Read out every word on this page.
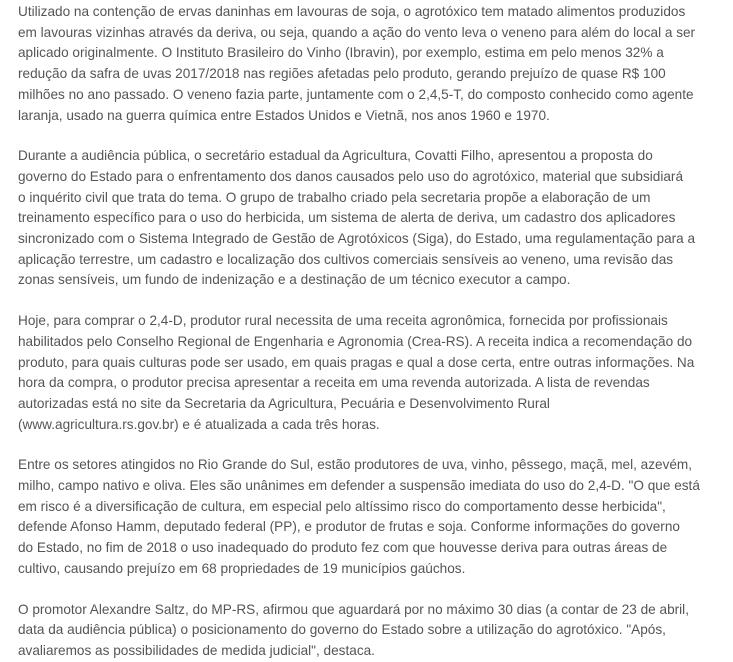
Utilizado na contenção de ervas daninhas em lavouras de soja, o agrotóxico tem matado alimentos produzidos
em lavouras vizinhas através da deriva, ou seja, quando a ação do vento leva o veneno para além do local a ser
aplicado originalmente. O Instituto Brasileiro do Vinho (Ibravin), por exemplo, estima em pelo menos 32% a
redução da safra de uvas 2017/2018 nas regiões afetadas pelo produto, gerando prejuízo de quase R$ 100
milhões no ano passado. O veneno fazia parte, juntamente com o 2,4,5-T, do composto conhecido como agente
laranja, usado na guerra química entre Estados Unidos e Vietnã, nos anos 1960 e 1970.

Durante a audiência pública, o secretário estadual da Agricultura, Covatti Filho, apresentou a proposta do
governo do Estado para o enfrentamento dos danos causados pelo uso do agrotóxico, material que subsidiará
o inquérito civil que trata do tema. O grupo de trabalho criado pela secretaria propõe a elaboração de um
treinamento específico para o uso do herbicida, um sistema de alerta de deriva, um cadastro dos aplicadores
sincronizado com o Sistema Integrado de Gestão de Agrotóxicos (Siga), do Estado, uma regulamentação para a
aplicação terrestre, um cadastro e localização dos cultivos comerciais sensíveis ao veneno, uma revisão das
zonas sensíveis, um fundo de indenização e a destinação de um técnico executor a campo.

Hoje, para comprar o 2,4-D, produtor rural necessita de uma receita agronômica, fornecida por profissionais
habilitados pelo Conselho Regional de Engenharia e Agronomia (Crea-RS). A receita indica a recomendação do
produto, para quais culturas pode ser usado, em quais pragas e qual a dose certa, entre outras informações. Na
hora da compra, o produtor precisa apresentar a receita em uma revenda autorizada. A lista de revendas
autorizadas está no site da Secretaria da Agricultura, Pecuária e Desenvolvimento Rural
(www.agricultura.rs.gov.br) e é atualizada a cada três horas.

Entre os setores atingidos no Rio Grande do Sul, estão produtores de uva, vinho, pêssego, maçã, mel, azevém,
milho, campo nativo e oliva. Eles são unânimes em defender a suspensão imediata do uso do 2,4-D. "O que está
em risco é a diversificação de cultura, em especial pelo altíssimo risco do comportamento desse herbicida",
defende Afonso Hamm, deputado federal (PP), e produtor de frutas e soja. Conforme informações do governo
do Estado, no fim de 2018 o uso inadequado do produto fez com que houvesse deriva para outras áreas de
cultivo, causando prejuízo em 68 propriedades de 19 municípios gaúchos.

O promotor Alexandre Saltz, do MP-RS, afirmou que aguardará por no máximo 30 dias (a contar de 23 de abril,
data da audiência pública) o posicionamento do governo do Estado sobre a utilização do agrotóxico. "Após,
avaliaremos as possibilidades de medida judicial", destaca.
